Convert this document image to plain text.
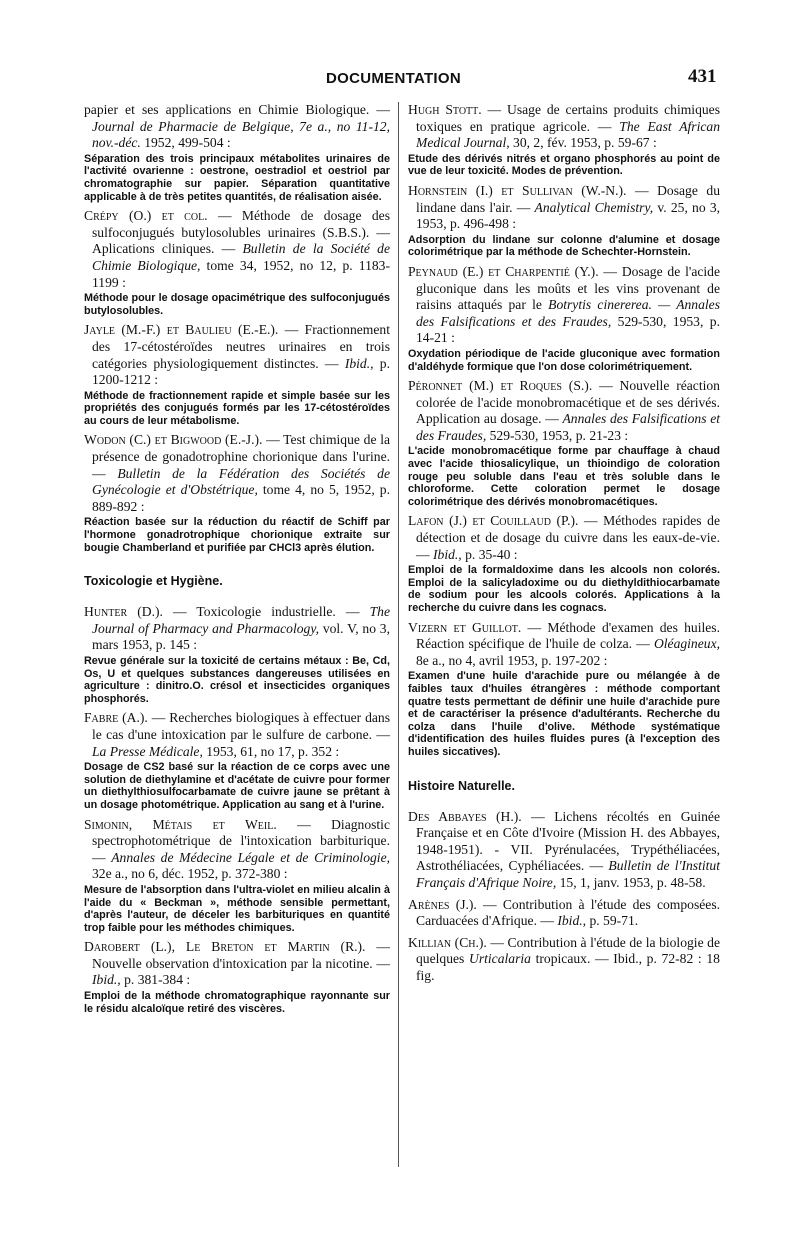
DOCUMENTATION	431
papier et ses applications en Chimie Biologique. — Journal de Pharmacie de Belgique, 7e a., no 11-12, nov.-déc. 1952, 499-504 :
Séparation des trois principaux métabolites urinaires de l'activité ovarienne : oestrone, oestradiol et oestriol par chromatographie sur papier. Séparation quantitative applicable à de très petites quantités, de réalisation aisée.
Crépy (O.) et col. — Méthode de dosage des sulfoconjugués butylosolubles urinaires (S.B.S.). — Aplications cliniques. — Bulletin de la Société de Chimie Biologique, tome 34, 1952, no 12, p. 1183-1199 :
Méthode pour le dosage opacimétrique des sulfoconjugués butylosolubles.
Jayle (M.-F.) et Baulieu (E.-E.). — Fractionnement des 17-cétostéroïdes neutres urinaires en trois catégories physiologiquement distinctes. — Ibid., p. 1200-1212 :
Méthode de fractionnement rapide et simple basée sur les propriétés des conjugués formés par les 17-cétostéroïdes au cours de leur métabolisme.
Wodon (C.) et Bigwood (E.-J.). — Test chimique de la présence de gonadotrophine chorionique dans l'urine. — Bulletin de la Fédération des Sociétés de Gynécologie et d'Obstétrique, tome 4, no 5, 1952, p. 889-892 :
Réaction basée sur la réduction du réactif de Schiff par l'hormone gonadrotrophique chorionique extraite sur bougie Chamberland et purifiée par CHCl3 après élution.
Toxicologie et Hygiène.
Hunter (D.). — Toxicologie industrielle. — The Journal of Pharmacy and Pharmacology, vol. V, no 3, mars 1953, p. 145 :
Revue générale sur la toxicité de certains métaux : Be, Cd, Os, U et quelques substances dangereuses utilisées en agriculture : dinitro.O. crésol et insecticides organiques phosphorés.
Fabre (A.). — Recherches biologiques à effectuer dans le cas d'une intoxication par le sulfure de carbone. — La Presse Médicale, 1953, 61, no 17, p. 352 :
Dosage de CS2 basé sur la réaction de ce corps avec une solution de diethylamine et d'acétate de cuivre pour former un diethylthiosulfocarbamate de cuivre jaune se prêtant à un dosage photométrique. Application au sang et à l'urine.
Simonin, Métais et Weil. — Diagnostic spectrophotométrique de l'intoxication barbiturique. — Annales de Médecine Légale et de Criminologie, 32e a., no 6, déc. 1952, p. 372-380 :
Mesure de l'absorption dans l'ultra-violet en milieu alcalin à l'aide du « Beckman », méthode sensible permettant, d'après l'auteur, de déceler les barbituriques en quantité trop faible pour les méthodes chimiques.
Darobert (L.), Le Breton et Martin (R.). — Nouvelle observation d'intoxication par la nicotine. — Ibid., p. 381-384 :
Emploi de la méthode chromatographique rayonnante sur le résidu alcaloïque retiré des viscères.
Hugh Stott. — Usage de certains produits chimiques toxiques en pratique agricole. — The East African Medical Journal, 30, 2, fév. 1953, p. 59-67 :
Etude des dérivés nitrés et organo phosphorés au point de vue de leur toxicité. Modes de prévention.
Hornstein (I.) et Sullivan (W.-N.). — Dosage du lindane dans l'air. — Analytical Chemistry, v. 25, no 3, 1953, p. 496-498 :
Adsorption du lindane sur colonne d'alumine et dosage colorimétrique par la méthode de Schechter-Hornstein.
Peynaud (E.) et Charpentié (Y.). — Dosage de l'acide gluconique dans les moûts et les vins provenant de raisins attaqués par le Botrytis cinererea. — Annales des Falsifications et des Fraudes, 529-530, 1953, p. 14-21 :
Oxydation périodique de l'acide gluconique avec formation d'aldéhyde formique que l'on dose colorimétriquement.
Péronnet (M.) et Roques (S.). — Nouvelle réaction colorée de l'acide monobromacétique et de ses dérivés. Application au dosage. — Annales des Falsifications et des Fraudes, 529-530, 1953, p. 21-23 :
L'acide monobromacétique forme par chauffage à chaud avec l'acide thiosalicylique, un thioindigo de coloration rouge peu soluble dans l'eau et très soluble dans le chloroforme. Cette coloration permet le dosage colorimétrique des dérivés monobromacétiques.
Lafon (J.) et Couillaud (P.). — Méthodes rapides de détection et de dosage du cuivre dans les eaux-de-vie. — Ibid., p. 35-40 :
Emploi de la formaldoxime dans les alcools non colorés. Emploi de la salicyladoxime ou du diethyldithiocarbamate de sodium pour les alcools colorés. Applications à la recherche du cuivre dans les cognacs.
Vizern et Guillot. — Méthode d'examen des huiles. Réaction spécifique de l'huile de colza. — Oléagineux, 8e a., no 4, avril 1953, p. 197-202 :
Examen d'une huile d'arachide pure ou mélangée à de faibles taux d'huiles étrangères : méthode comportant quatre tests permettant de définir une huile d'arachide pure et de caractériser la présence d'adultérants. Recherche du colza dans l'huile d'olive. Méthode systématique d'identification des huiles fluides pures (à l'exception des huiles siccatives).
Histoire Naturelle.
Des Abbayes (H.). — Lichens récoltés en Guinée Française et en Côte d'Ivoire (Mission H. des Abbayes, 1948-1951). - VII. Pyrénulacées, Trypéthéliacées, Astrothéliacées, Cyphéliacées. — Bulletin de l'Institut Français d'Afrique Noire, 15, 1, janv. 1953, p. 48-58.
Arènes (J.). — Contribution à l'étude des composées. Carduacées d'Afrique. — Ibid., p. 59-71.
Killian (Ch.). — Contribution à l'étude de la biologie de quelques Urticalaria tropicaux. — Ibid., p. 72-82 : 18 fig.
